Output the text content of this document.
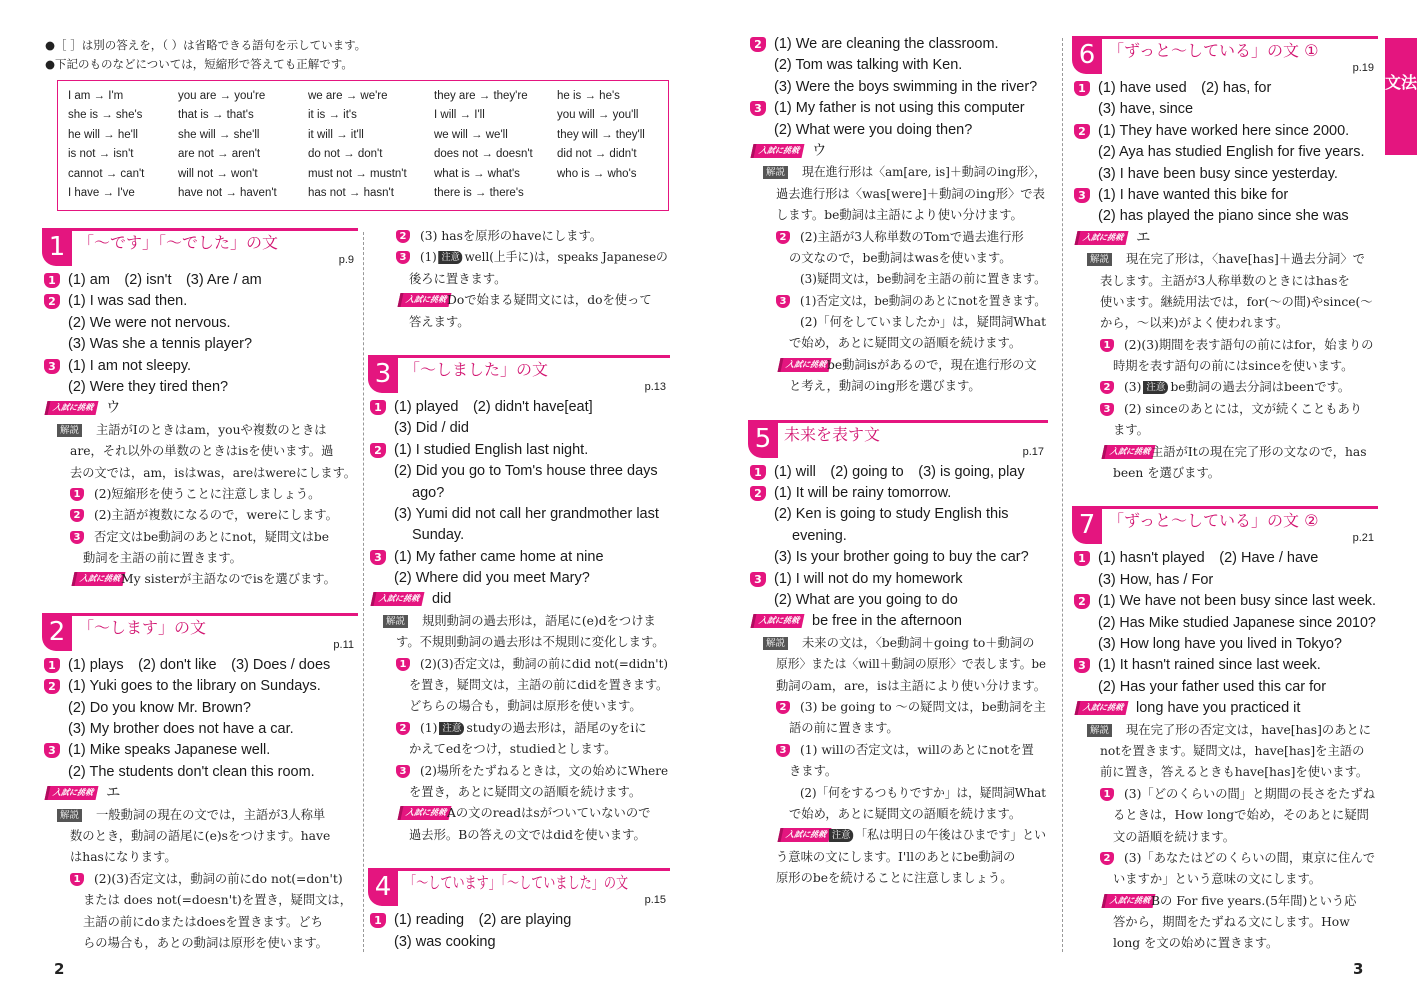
●［ ］は別の答えを，（ ）は省略できる語句を示しています。
●下記のものなどについては，短縮形で答えても正解です。
I am → I'm
she is → she's
he will → he'll
is not → isn't
cannot → can't
I have → I've
you are → you're
that is → that's
she will → she'll
are not → aren't
will not → won't
have not → haven't
we are → we're
it is → it's
it will → it'll
do not → don't
must not → mustn't
has not → hasn't
they are → they're
I will → I'll
we will → we'll
does not → doesn't
what is → what's
there is → there's
he is → he's
you will → you'll
they will → they'll
did not → didn't
who is → who's
1 「～です」「～でした」の文
p.9
1 (1) am　(2) isn't　(3) Are / am
2 (1) I was sad then.
(2) We were not nervous.
(3) Was she a tennis player?
3 (1) I am not sleepy.
(2) Were they tired then?
入試に挑戦 ウ
解説 主語がIのときはam，youや複数のときは
are，それ以外の単数のときはisを使います。過
去の文では，am，isはwas，areはwereにします。
1 (2)短縮形を使うことに注意しましょう。
2 (2)主語が複数になるので，wereにします。
3 否定文はbe動詞のあとにnot，疑問文はbe
動詞を主語の前に置きます。
入試に挑戦 My sisterが主語なのでisを選びます。
2 「～します」の文
p.11
1 (1) plays　(2) don't like　(3) Does / does
2 (1) Yuki goes to the library on Sundays.
(2) Do you know Mr. Brown?
(3) My brother does not have a car.
3 (1) Mike speaks Japanese well.
(2) The students don't clean this room.
入試に挑戦 エ
解説 一般動詞の現在の文では，主語が3人称単
数のとき，動詞の語尾に(e)sをつけます。have
はhasになります。
1 (2)(3)否定文は，動詞の前にdo not(=don't)
または does not(=doesn't)を置き，疑問文は，
主語の前にdoまたはdoesを置きます。どち
らの場合も，あとの動詞は原形を使います。
2 (3) hasを原形のhaveにします。
3 (1) 注意 well(上手に)は，speaks Japaneseの
後ろに置きます。
入試に挑戦 Doで始まる疑問文には，doを使って
答えます。
3 「～しました」の文
p.13
1 (1) played　(2) didn't have[eat]
(3) Did / did
2 (1) I studied English last night.
(2) Did you go to Tom's house three days
ago?
(3) Yumi did not call her grandmother last
Sunday.
3 (1) My father came home at nine
(2) Where did you meet Mary?
入試に挑戦 did
解説 規則動詞の過去形は，語尾に(e)dをつけま
す。不規則動詞の過去形は不規則に変化します。
1 (2)(3)否定文は，動詞の前にdid not(=didn't)
を置き，疑問文は，主語の前にdidを置きます。
どちらの場合も，動詞は原形を使います。
2 (1) 注意 studyの過去形は，語尾のyをiに
かえてedをつけ，studiedとします。
3 (2)場所をたずねるときは，文の始めにWhere
を置き，あとに疑問文の語順を続けます。
入試に挑戦 Aの文のreadはsがついていないので
過去形。Bの答えの文ではdidを使います。
4 「～しています」「～していました」の文
p.15
1 (1) reading　(2) are playing
(3) was cooking
2 (1) We are cleaning the classroom.
(2) Tom was talking with Ken.
(3) Were the boys swimming in the river?
3 (1) My father is not using this computer
(2) What were you doing then?
入試に挑戦 ウ
解説 現在進行形は〈am[are, is]＋動詞のing形〉，
過去進行形は〈was[were]＋動詞のing形〉で表
します。be動詞は主語により使い分けます。
2 (2)主語が3人称単数のTomで過去進行形
の文なので，be動詞はwasを使います。
(3)疑問文は，be動詞を主語の前に置きます。
3 (1)否定文は，be動詞のあとにnotを置きます。
(2)「何をしていましたか」は，疑問詞What
で始め，あとに疑問文の語順を続けます。
入試に挑戦 be動詞isがあるので，現在進行形の文
と考え，動詞のing形を選びます。
5 未来を表す文
p.17
1 (1) will　(2) going to　(3) is going, play
2 (1) It will be rainy tomorrow.
(2) Ken is going to study English this
evening.
(3) Is your brother going to buy the car?
3 (1) I will not do my homework
(2) What are you going to do
入試に挑戦 be free in the afternoon
解説 未来の文は，〈be動詞＋going to＋動詞の
原形〉または〈will＋動詞の原形〉で表します。be
動詞のam，are，isは主語により使い分けます。
2 (3) be going to ～の疑問文は，be動詞を主
語の前に置きます。
3 (1) willの否定文は，willのあとにnotを置
きます。
(2)「何をするつもりですか」は，疑問詞What
で始め，あとに疑問文の語順を続けます。
入試に挑戦 注意 「私は明日の午後はひまです」とい
う意味の文にします。I'llのあとにbe動詞の
原形のbeを続けることに注意しましょう。
6 「ずっと～している」の文 ①
p.19
1 (1) have used　(2) has, for
(3) have, since
2 (1) They have worked here since 2000.
(2) Aya has studied English for five years.
(3) I have been busy since yesterday.
3 (1) I have wanted this bike for
(2) has played the piano since she was
入試に挑戦 エ
解説 現在完了形は，〈have[has]＋過去分詞〉で
表します。主語が3人称単数のときにはhasを
使います。継続用法では，for(～の間)やsince(～
から，～以来)がよく使われます。
1 (2)(3)期間を表す語句の前にはfor，始まりの
時期を表す語句の前にはsinceを使います。
2 (3) 注意 be動詞の過去分詞はbeenです。
3 (2) sinceのあとには，文が続くこともあり
ます。
入試に挑戦 主語がItの現在完了形の文なので，has
been を選びます。
7 「ずっと～している」の文 ②
p.21
1 (1) hasn't played　(2) Have / have
(3) How, has / For
2 (1) We have not been busy since last week.
(2) Has Mike studied Japanese since 2010?
(3) How long have you lived in Tokyo?
3 (1) It hasn't rained since last week.
(2) Has your father used this car for
入試に挑戦 long have you practiced it
解説 現在完了形の否定文は，have[has]のあとに
notを置きます。疑問文は，have[has]を主語の
前に置き，答えるときもhave[has]を使います。
1 (3)「どのくらいの間」と期間の長さをたずね
るときは，How longで始め，そのあとに疑問
文の語順を続けます。
2 (3)「あなたはどのくらいの間，東京に住んで
いますか」という意味の文にします。
入試に挑戦 Bの For five years.(5年間)という応
答から，期間をたずねる文にします。How
long を文の始めに置きます。
文法
2	3
